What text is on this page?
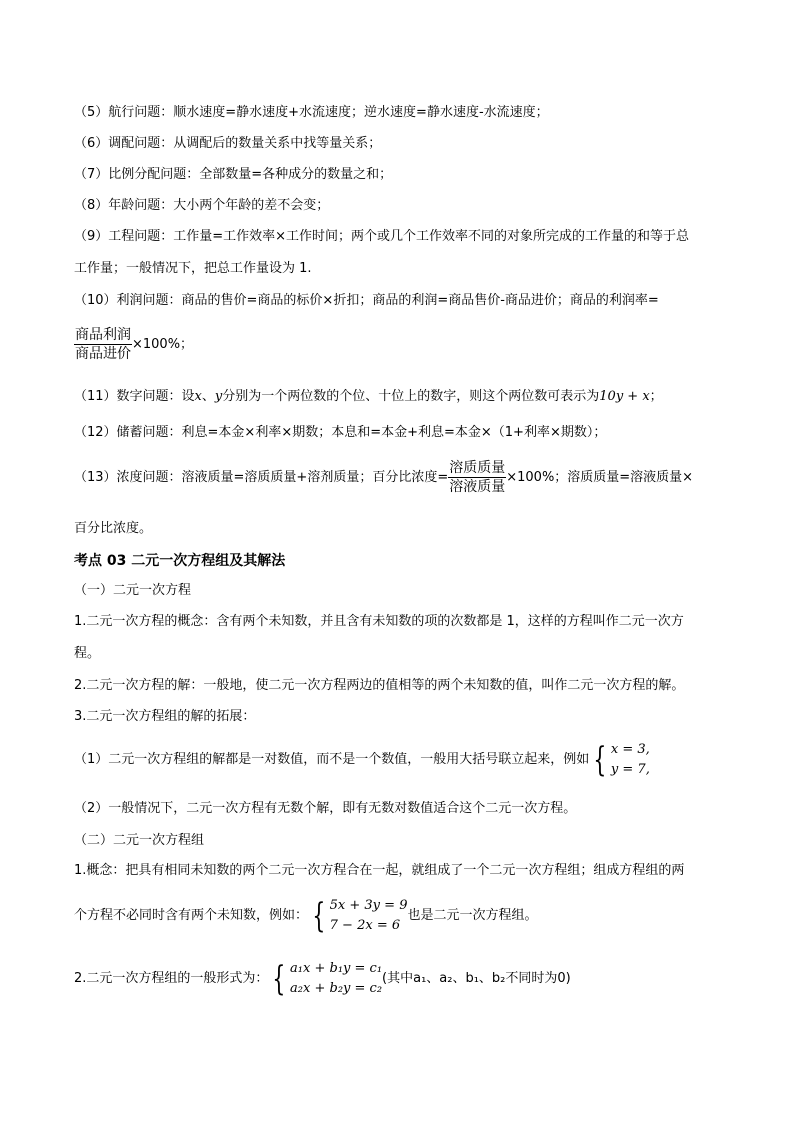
（5）航行问题：顺水速度=静水速度+水流速度；逆水速度=静水速度-水流速度；
（6）调配问题：从调配后的数量关系中找等量关系；
（7）比例分配问题：全部数量=各种成分的数量之和；
（8）年龄问题：大小两个年龄的差不会变；
（9）工程问题：工作量=工作效率×工作时间；两个或几个工作效率不同的对象所完成的工作量的和等于总
工作量；一般情况下，把总工作量设为 1.
（10）利润问题：商品的售价=商品的标价×折扣；商品的利润=商品售价-商品进价；商品的利润率=
$\frac{\text{商品利润}}{\text{商品进价}} \times 100\%$；
（11）数字问题：设x、y分别为一个两位数的个位、十位上的数字，则这个两位数可表示为10y + x；
（12）储蓄问题：利息=本金×利率×期数；本息和=本金+利息=本金×（1+利率×期数）；
（13）浓度问题：溶液质量=溶质质量+溶剂质量；百分比浓度= $\frac{\text{溶质质量}}{\text{溶液质量}} \times 100\%$；溶质质量=溶液质量×
百分比浓度。
考点 03 二元一次方程组及其解法
（一）二元一次方程
1.二元一次方程的概念：含有两个未知数，并且含有未知数的项的次数都是 1，这样的方程叫作二元一次方
程。
2.二元一次方程的解：一般地，使二元一次方程两边的值相等的两个未知数的值，叫作二元一次方程的解。
3.二元一次方程组的解的拓展：
（1）二元一次方程组的解都是一对数值，而不是一个数值，一般用大括号联立起来，例如 { x = 3,
y = 7,
（2）一般情况下，二元一次方程有无数个解，即有无数对数值适合这个二元一次方程。
（二）二元一次方程组
1.概念：把具有相同未知数的两个二元一次方程合在一起，就组成了一个二元一次方程组；组成方程组的两
个方程不必同时含有两个未知数，例如： { 5x + 3y = 9
7 − 2x = 6
也是二元一次方程组。
2.二元一次方程组的一般形式为： { a₁x + b₁y = c₁
a₂x + b₂y = c₂
(其中a₁、a₂、b₁、b₂不同时为0)
